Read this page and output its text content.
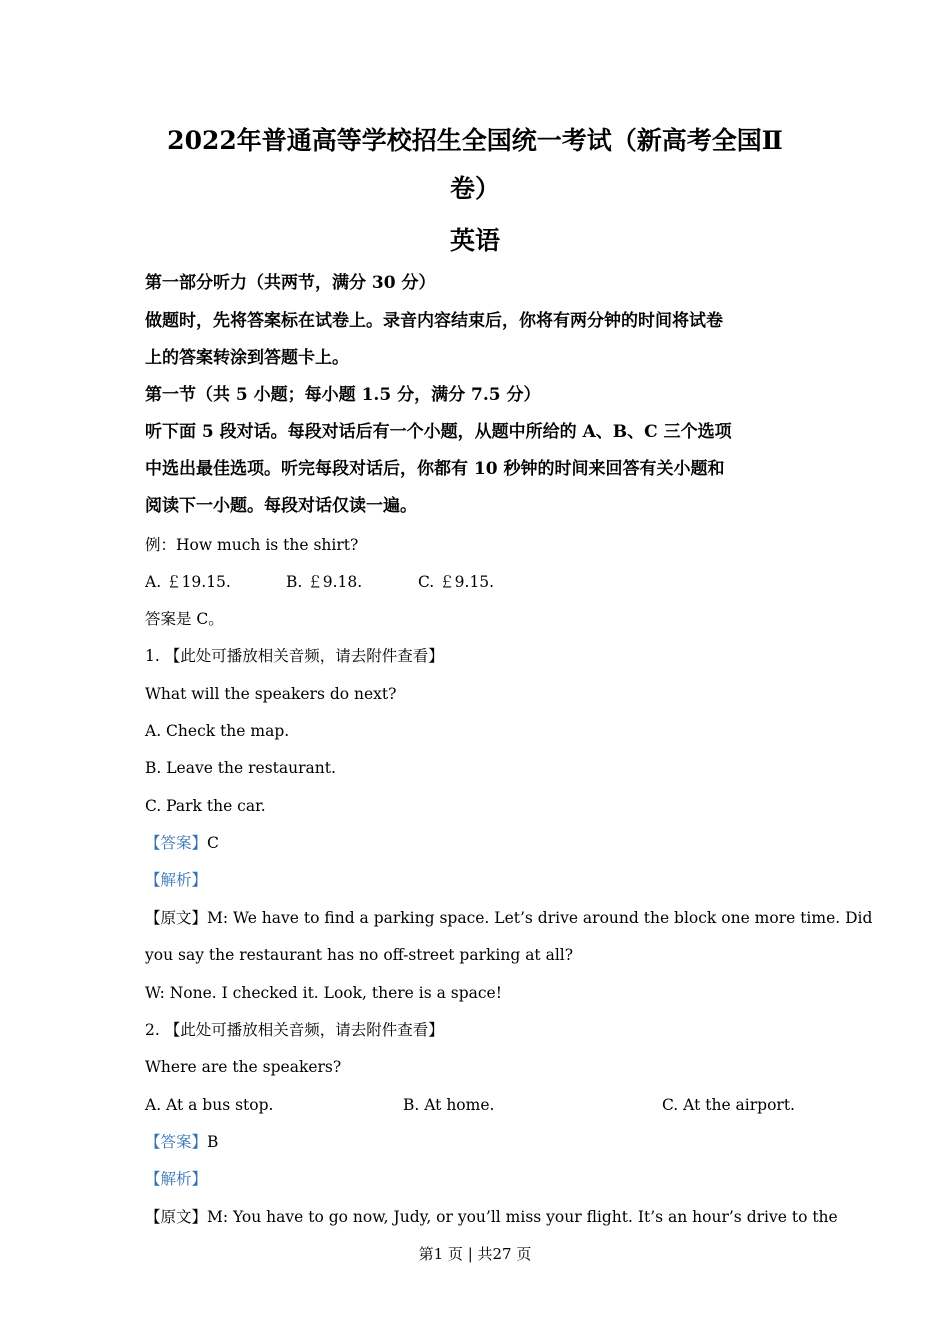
2022年普通高等学校招生全国统一考试（新高考全国Ⅱ
卷）
英语
第一部分听力（共两节，满分 30 分）
做题时，先将答案标在试卷上。录音内容结束后，你将有两分钟的时间将试卷
上的答案转涂到答题卡上。
第一节（共 5 小题；每小题 1.5 分，满分 7.5 分）
听下面 5 段对话。每段对话后有一个小题，从题中所给的 A、B、C 三个选项
中选出最佳选项。听完每段对话后，你都有 10 秒钟的时间来回答有关小题和
阅读下一小题。每段对话仅读一遍。
例：How much is the shirt?
A. ￡19.15.	B. ￡9.18.	C. ￡9.15.
答案是 C。
1. 【此处可播放相关音频，请去附件查看】
What will the speakers do next?
A. Check the map.
B. Leave the restaurant.
C. Park the car.
【答案】C
【解析】
【原文】M: We have to find a parking space. Let’s drive around the block one more time. Did
you say the restaurant has no off-street parking at all?
W: None. I checked it. Look, there is a space!
2. 【此处可播放相关音频，请去附件查看】
Where are the speakers?
A. At a bus stop.	B. At home.	C. At the airport.
【答案】B
【解析】
【原文】M: You have to go now, Judy, or you’ll miss your flight. It’s an hour’s drive to the
第1 页 | 共27 页
